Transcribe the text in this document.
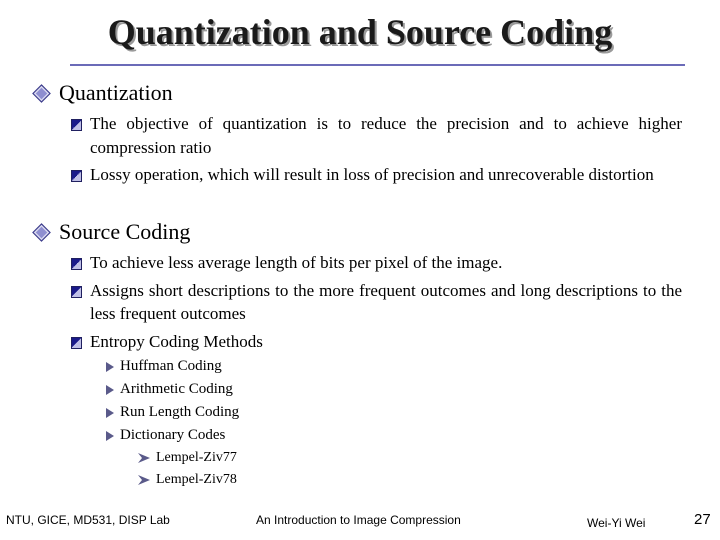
Quantization and Source Coding
Quantization
The objective of quantization is to reduce the precision and to achieve higher compression ratio
Lossy operation, which will result in loss of precision and unrecoverable distortion
Source Coding
To achieve less average length of bits per pixel of the image.
Assigns short descriptions to the more frequent outcomes and long descriptions to the less frequent outcomes
Entropy Coding Methods
Huffman Coding
Arithmetic Coding
Run Length Coding
Dictionary Codes
Lempel-Ziv77
Lempel-Ziv78
NTU, GICE, MD531, DISP Lab	An Introduction to Image Compression	Wei-Yi Wei	27
